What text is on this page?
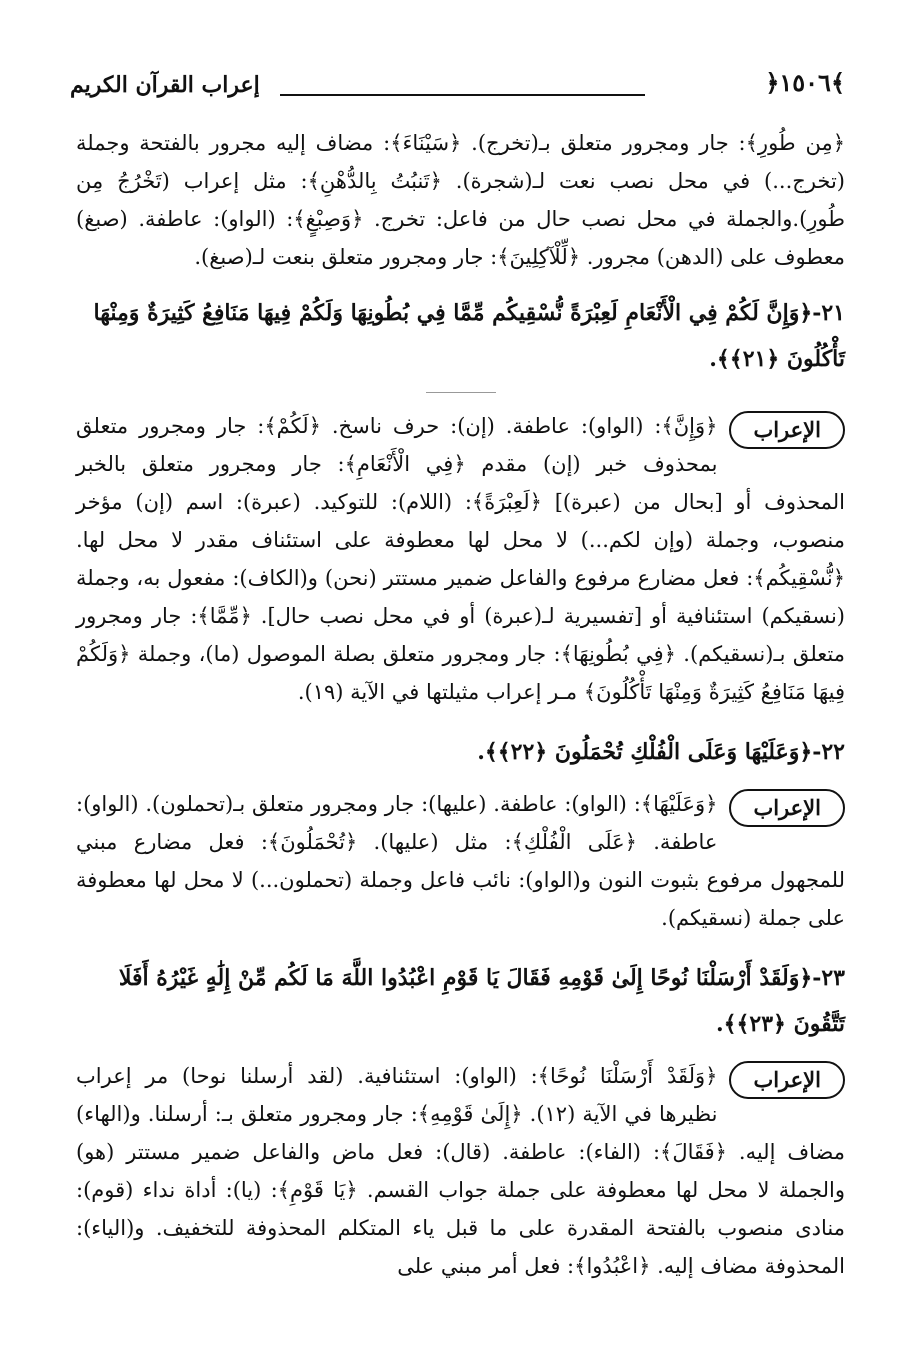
﴿١٥٠٦﴾
إعراب القرآن الكريم

﴿مِن طُورِ﴾: جار ومجرور متعلق بـ(تخرج). ﴿سَيْنَاءَ﴾: مضاف إليه مجرور بالفتحة وجملة (تخرج...) في محل نصب نعت لـ(شجرة). ﴿تَنبُتُ بِالدُّهْنِ﴾: مثل إعراب (تَخْرُجُ مِن طُورِ).والجملة في محل نصب حال من فاعل: تخرج. ﴿وَصِبْغٍ﴾: (الواو): عاطفة. (صبغ) معطوف على (الدهن) مجرور. ﴿لِّلْآكِلِينَ﴾: جار ومجرور متعلق بنعت لـ(صبغ).

٢١-﴿وَإِنَّ لَكُمْ فِي الْأَنْعَامِ لَعِبْرَةً نُّسْقِيكُم مِّمَّا فِي بُطُونِهَا وَلَكُمْ فِيهَا مَنَافِعُ كَثِيرَةٌ وَمِنْهَا تَأْكُلُونَ ﴿٢١﴾﴾.

الإعراب

﴿وَإِنَّ﴾: (الواو): عاطفة. (إن): حرف ناسخ. ﴿لَكُمْ﴾: جار ومجرور متعلق بمحذوف خبر (إن) مقدم ﴿فِي الْأَنْعَامِ﴾: جار ومجرور متعلق بالخبر المحذوف أو [بحال من (عبرة)] ﴿لَعِبْرَةً﴾: (اللام): للتوكيد. (عبرة): اسم (إن) مؤخر منصوب، وجملة (وإن لكم...) لا محل لها معطوفة على استئناف مقدر لا محل لها. ﴿نُّسْقِيكُم﴾: فعل مضارع مرفوع والفاعل ضمير مستتر (نحن) و(الكاف): مفعول به، وجملة (نسقيكم) استئنافية أو [تفسيرية لـ(عبرة) أو في محل نصب حال]. ﴿مِّمَّا﴾: جار ومجرور متعلق بـ(نسقيكم). ﴿فِي بُطُونِهَا﴾: جار ومجرور متعلق بصلة الموصول (ما)، وجملة ﴿وَلَكُمْ فِيهَا مَنَافِعُ كَثِيرَةٌ وَمِنْهَا تَأْكُلُونَ﴾ مـر إعراب مثيلتها في الآية (١٩).

٢٢-﴿وَعَلَيْهَا وَعَلَى الْفُلْكِ تُحْمَلُونَ ﴿٢٢﴾﴾.

الإعراب

﴿وَعَلَيْهَا﴾: (الواو): عاطفة. (عليها): جار ومجرور متعلق بـ(تحملون). (الواو): عاطفة. ﴿عَلَى الْفُلْكِ﴾: مثل (عليها). ﴿تُحْمَلُونَ﴾: فعل مضارع مبني للمجهول مرفوع بثبوت النون و(الواو): نائب فاعل وجملة (تحملون...) لا محل لها معطوفة على جملة (نسقيكم).

٢٣-﴿وَلَقَدْ أَرْسَلْنَا نُوحًا إِلَىٰ قَوْمِهِ فَقَالَ يَا قَوْمِ اعْبُدُوا اللَّهَ مَا لَكُم مِّنْ إِلَٰهٍ غَيْرُهُ أَفَلَا تَتَّقُونَ ﴿٢٣﴾﴾.

الإعراب

﴿وَلَقَدْ أَرْسَلْنَا نُوحًا﴾: (الواو): استئنافية. (لقد أرسلنا نوحا) مر إعراب نظيرها في الآية (١٢). ﴿إِلَىٰ قَوْمِهِ﴾: جار ومجرور متعلق بـ: أرسلنا. و(الهاء) مضاف إليه. ﴿فَقَالَ﴾: (الفاء): عاطفة. (قال): فعل ماض والفاعل ضمير مستتر (هو) والجملة لا محل لها معطوفة على جملة جواب القسم. ﴿يَا قَوْمِ﴾: (يا): أداة نداء (قوم): منادى منصوب بالفتحة المقدرة على ما قبل ياء المتكلم المحذوفة للتخفيف. و(الياء): المحذوفة مضاف إليه. ﴿اعْبُدُوا﴾: فعل أمر مبني على
